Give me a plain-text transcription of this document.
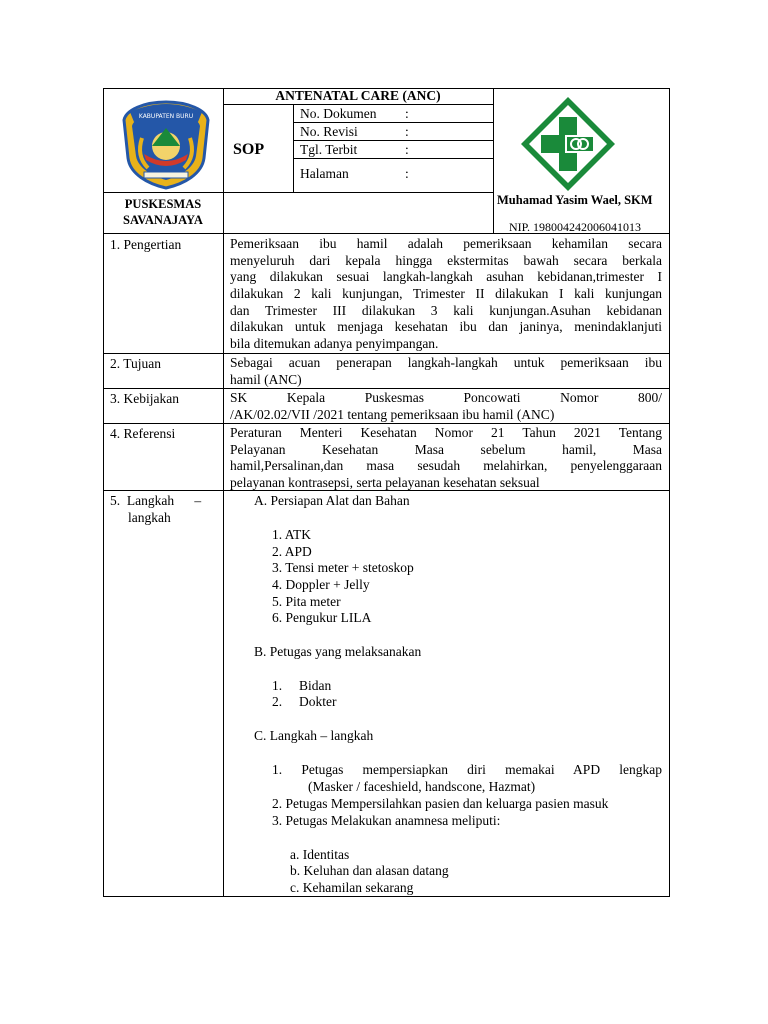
KABUPATEN BURU
ANTENATAL CARE (ANC)
SOP
No. Dokumen :
No. Revisi	:
Tgl. Terbit	:
Halaman	:
PUSKESMAS
SAVANAJAYA
Muhamad Yasim Wael, SKM
NIP. 198004242006041013
1. Pengertian	Pemeriksaan ibu hamil adalah pemeriksaan kehamilan secara
menyeluruh dari kepala hingga ekstermitas bawah secara berkala
yang dilakukan sesuai langkah-langkah asuhan kebidanan,trimester I
dilakukan 2 kali kunjungan, Trimester II dilakukan I kali kunjungan
dan Trimester III dilakukan 3 kali kunjungan.Asuhan kebidanan
dilakukan untuk menjaga kesehatan ibu dan janinya, menindaklanjuti
bila ditemukan adanya penyimpangan.
2. Tujuan	Sebagai acuan penerapan langkah-langkah untuk pemeriksaan ibu
hamil (ANC)
3. Kebijakan	SK Kepala Puskesmas Poncowati Nomor 800/
/AK/02.02/VII /2021 tentang pemeriksaan ibu hamil (ANC)
4. Referensi	Peraturan Menteri Kesehatan Nomor 21 Tahun 2021 Tentang
Pelayanan Kesehatan Masa sebelum hamil, Masa
hamil,Persalinan,dan masa sesudah melahirkan, penyelenggaraan
pelayanan kontrasepsi, serta pelayanan kesehatan seksual
5.  Langkah      –
langkah
A. Persiapan Alat dan Bahan
1. ATK
2. APD
3. Tensi meter + stetoskop
4. Doppler + Jelly
5. Pita meter
6. Pengukur LILA
B. Petugas yang melaksanakan
1.     Bidan
2.     Dokter
C. Langkah – langkah
1. Petugas mempersiapkan diri memakai APD lengkap
(Masker / faceshield, handscone, Hazmat)
2. Petugas Mempersilahkan pasien dan keluarga pasien masuk
3. Petugas Melakukan anamnesa meliputi:
a. Identitas
b. Keluhan dan alasan datang
c. Kehamilan sekarang
